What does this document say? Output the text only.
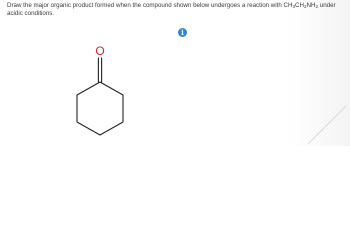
Draw the major organic product formed when the compound shown below undergoes a reaction with $CH_3CH_2NH_2$ under acidic conditions.

i
O
